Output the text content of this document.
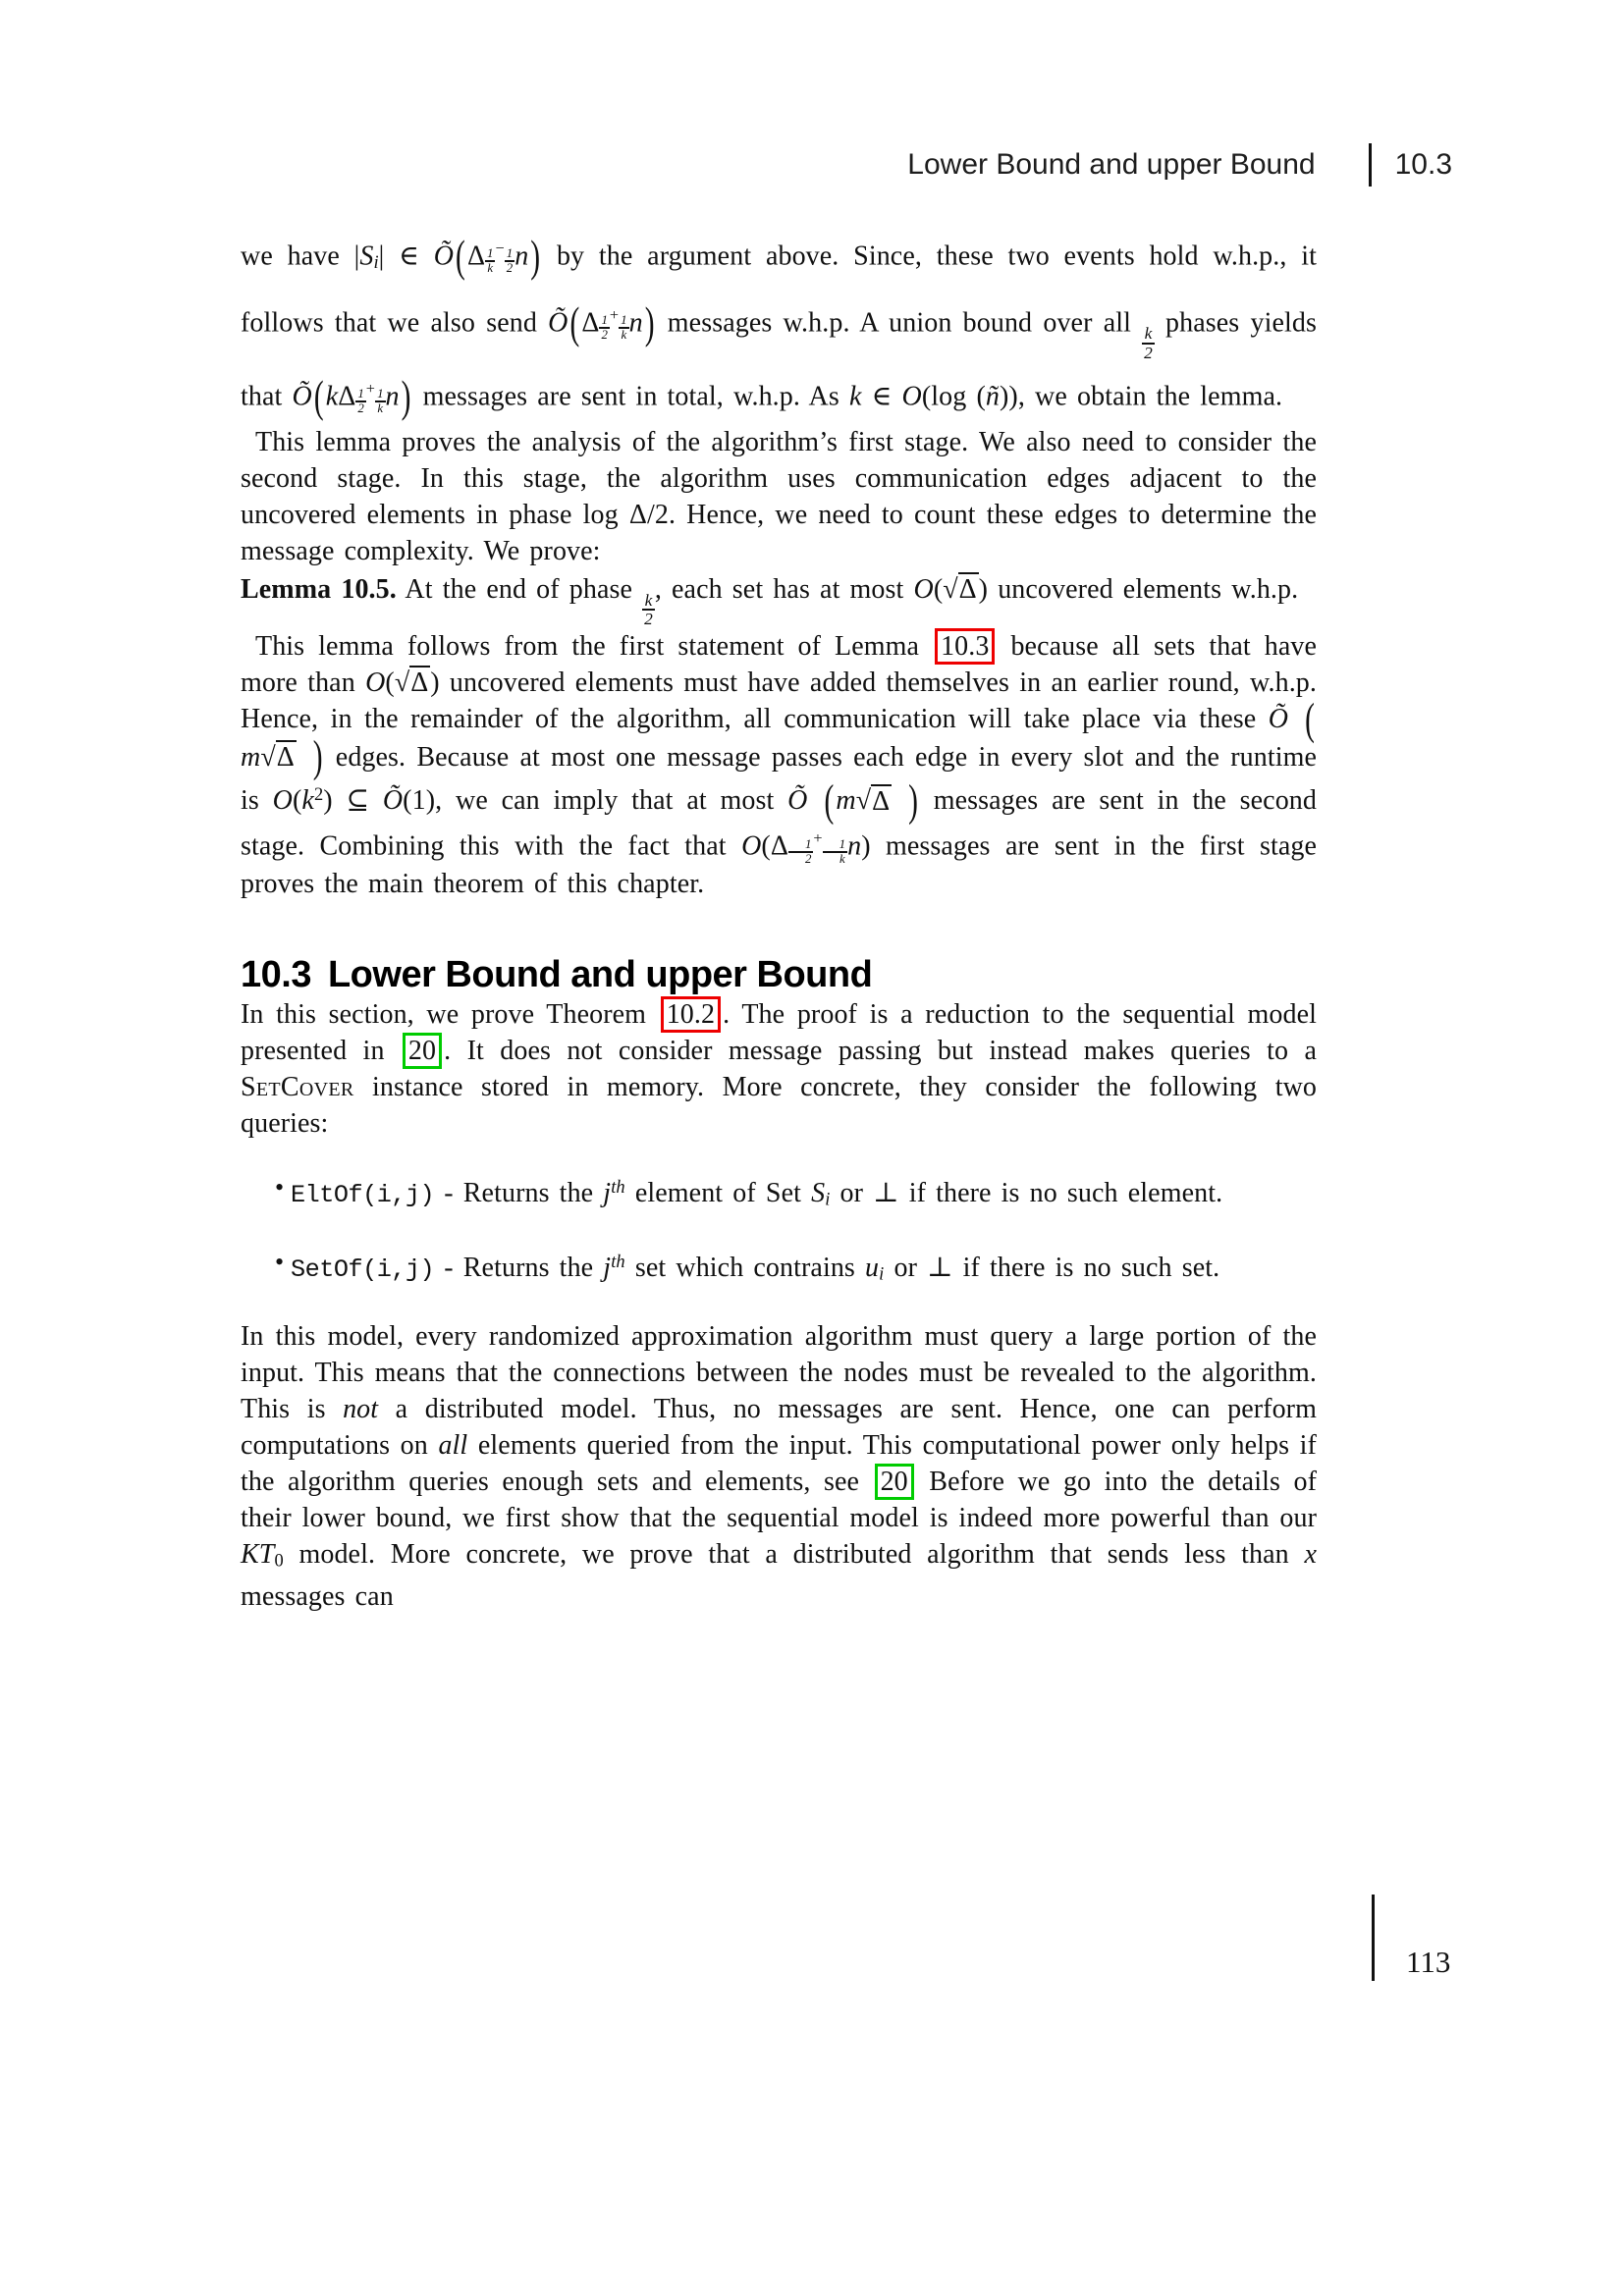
Lower Bound and upper Bound	10.3

we have $|S_i|$ ∈ Õ(Δ $\frac{1}{k} ^- \frac{1}{2} n$) by the argument above. Since, these two events hold w.h.p., it follows that we also send Õ(Δ $\frac{1}{2} ^+ \frac{1}{k} n$) messages w.h.p. A union bound over all
$\frac{k}{2}$
phases yields that Õ(kΔ $\frac{1}{2} ^+ \frac{1}{k} n$) messages are sent in total, w.h.p. As k ∈ O(log (ñ)), we obtain the lemma.

This lemma proves the analysis of the algorithm’s first stage. We also need to consider the second stage. In this stage, the algorithm uses communication edges adjacent to the uncovered elements in phase log Δ/2. Hence, we need to count these edges to determine the message complexity. We prove:

Lemma 10.5. At the end of phase
$\frac{k}{2}$
, each set has at most O(√Δ) uncovered elements w.h.p.

This lemma follows from the first statement of Lemma 10.3 because all sets that have more than O(√Δ) uncovered elements must have added themselves in an earlier round, w.h.p. Hence, in the remainder of the algorithm, all communication will take place via these Õ (m√Δ ) edges. Because at most one message passes each edge in every slot and the runtime is $O(k^2)$ ⊆ Õ(1), we can imply that at most Õ (m√Δ ) messages are sent in the second stage. Combining this with the fact that $O(\Delta \frac{1}{2} ^+ \frac{1}{k} n)$ messages are sent in the first stage proves the main theorem of this chapter.

10.3 Lower Bound and upper Bound

In this section, we prove Theorem 10.2 . The proof is a reduction to the sequential model presented in 20 . It does not consider message passing but instead makes queries to a SetCover instance stored in memory. More concrete, they consider the following two queries:

• EltOf(i,j) - Returns the $j^{th}$ element of Set $S_i$ or ⊥ if there is no such element.
• SetOf(i,j) - Returns the $j^{th}$ set which contrains $u_i$ or ⊥ if there is no such set.

In this model, every randomized approximation algorithm must query a large portion of the input. This means that the connections between the nodes must be revealed to the algorithm. This is not a distributed model. Thus, no messages are sent. Hence, one can perform computations on all elements queried from the input. This computational power only helps if the algorithm queries enough sets and elements, see 20 Before we go into the details of their lower bound, we first show that the sequential model is indeed more powerful than our $KT_0$ model. More concrete, we prove that a distributed algorithm that sends less than x messages can

113
